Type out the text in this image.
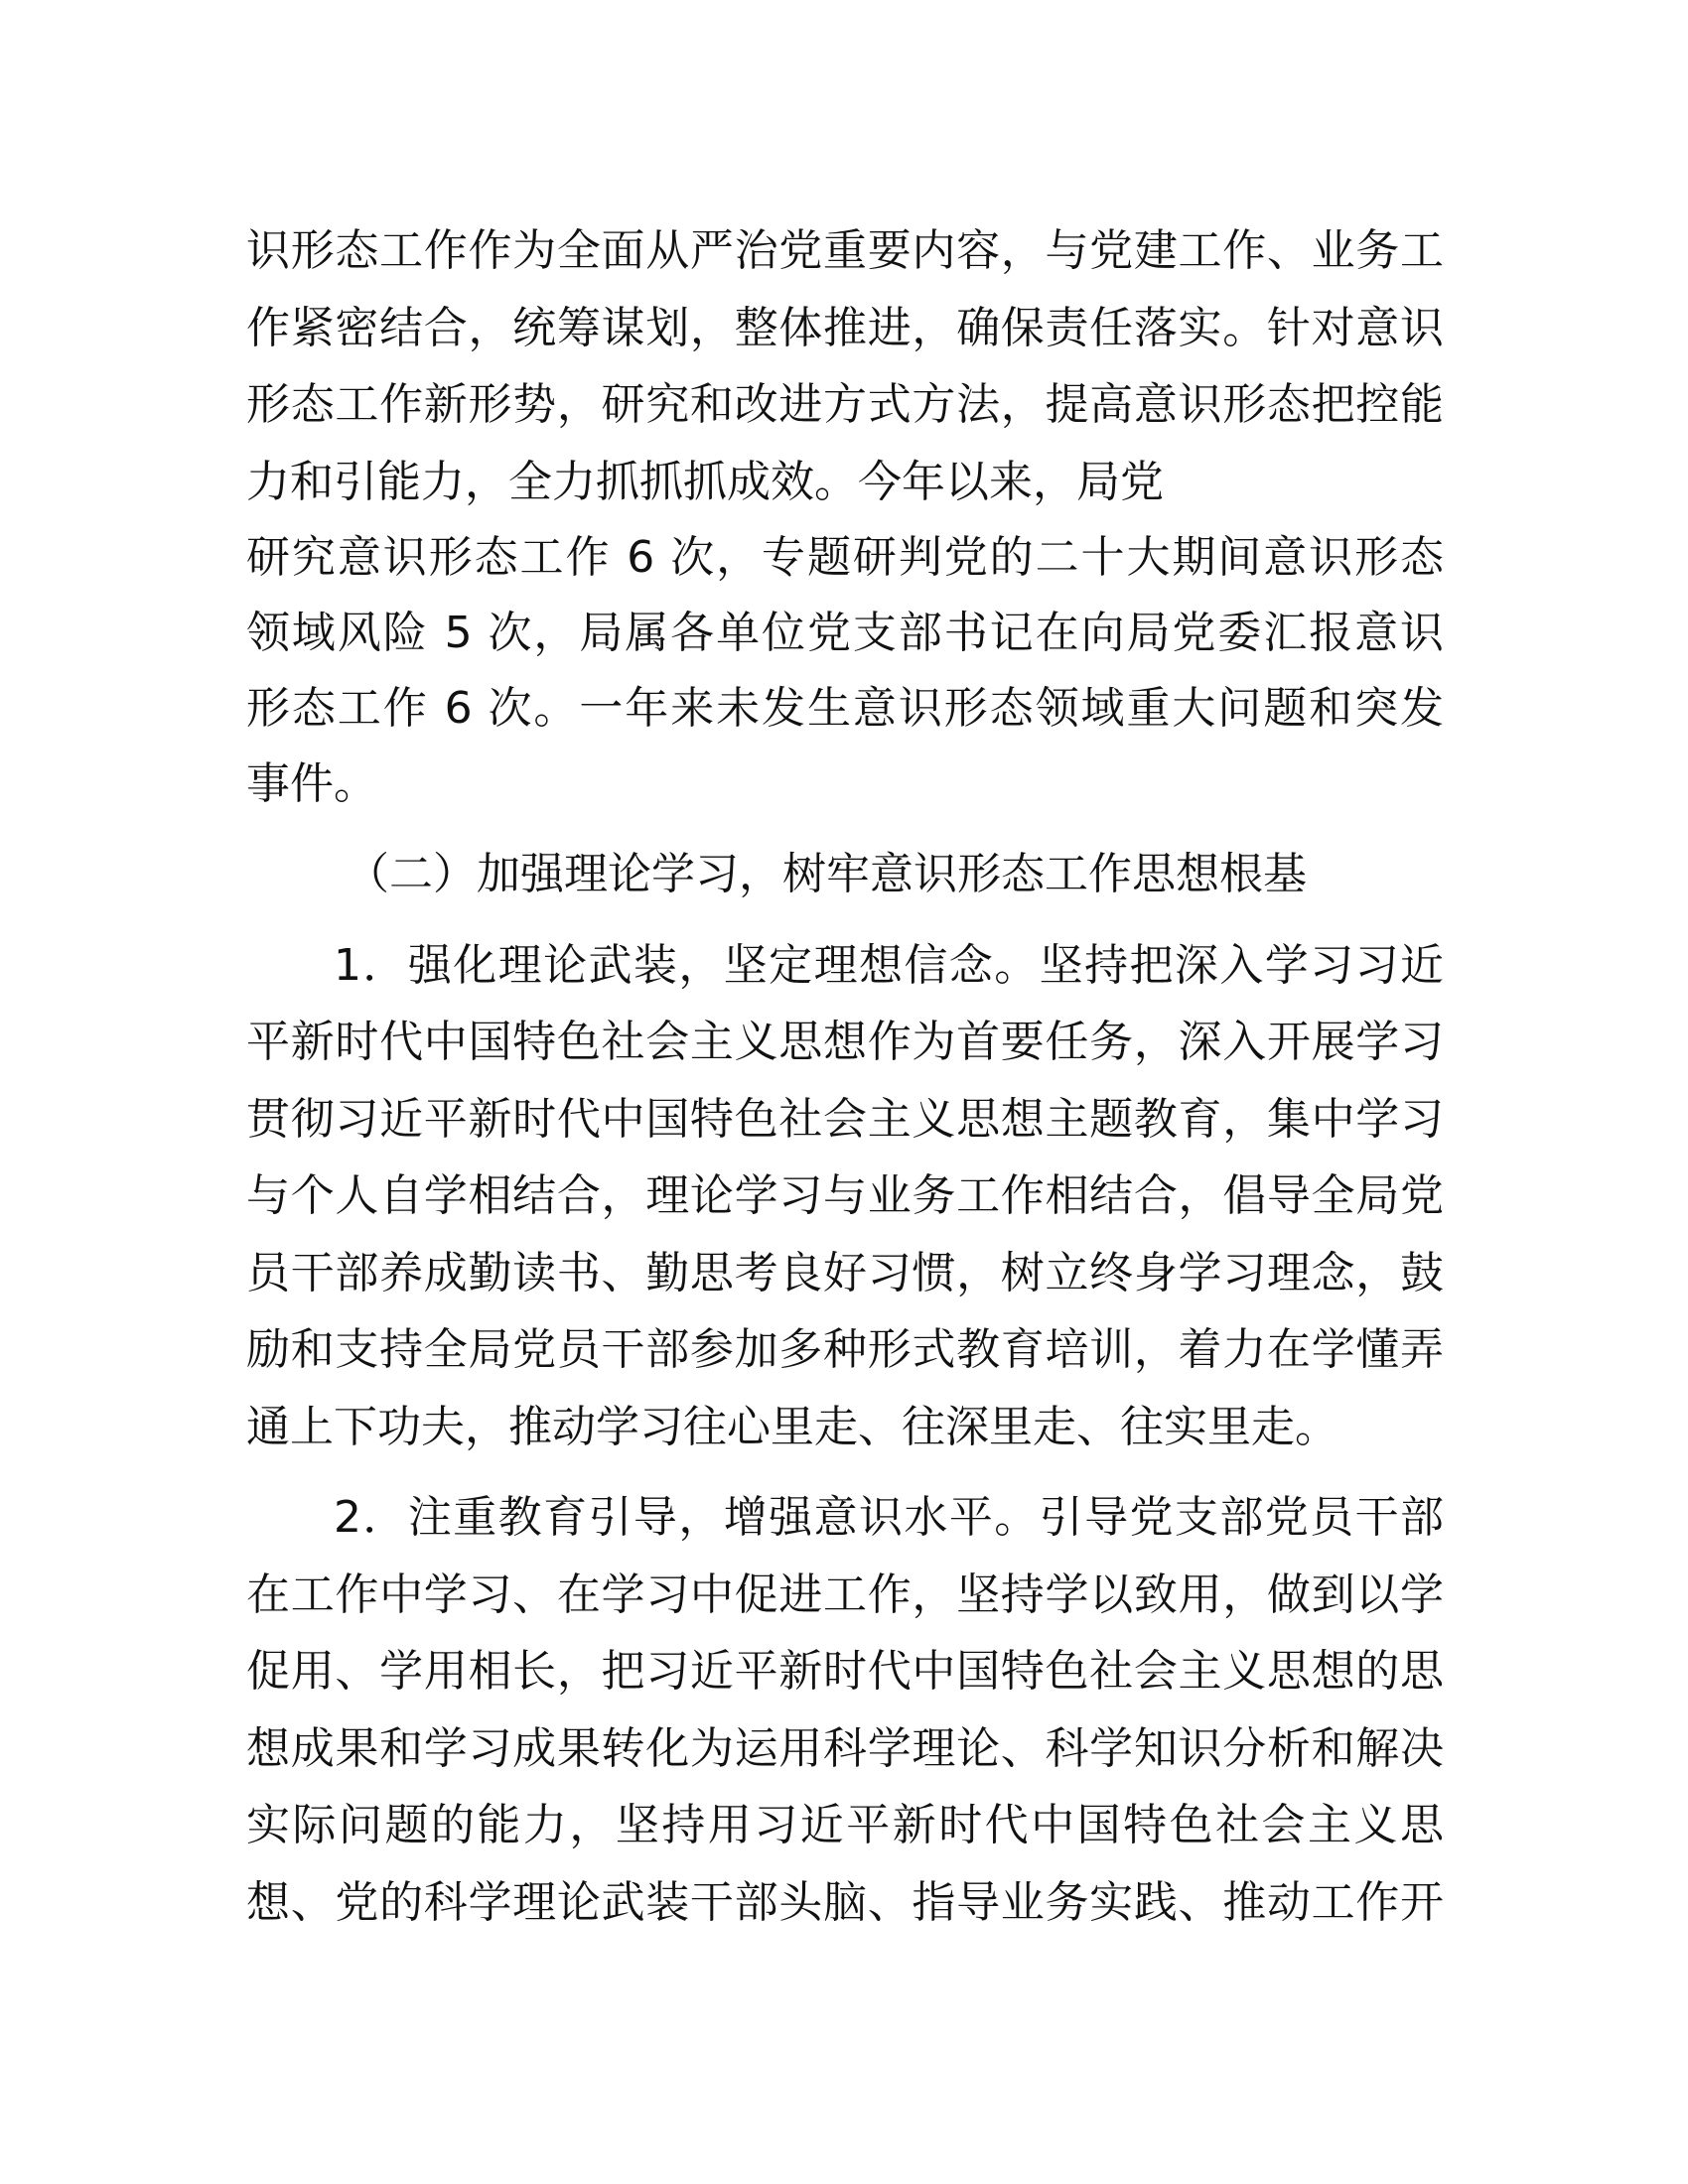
识形态工作作为全面从严治党重要内容，与党建工作、业务工
作紧密结合，统筹谋划，整体推进，确保责任落实。针对意识
形态工作新形势，研究和改进方式方法，提高意识形态把控能
力和引能力，全力抓抓抓成效。今年以来，局党

研究意识形态工作 6 次，专题研判党的二十大期间意识形态
领域风险 5 次，局属各单位党支部书记在向局党委汇报意识
形态工作 6 次。一年来未发生意识形态领域重大问题和突发
事件。

（二）加强理论学习，树牢意识形态工作思想根基

1．强化理论武装，坚定理想信念。坚持把深入学习习近
平新时代中国特色社会主义思想作为首要任务，深入开展学习
贯彻习近平新时代中国特色社会主义思想主题教育，集中学习
与个人自学相结合，理论学习与业务工作相结合，倡导全局党
员干部养成勤读书、勤思考良好习惯，树立终身学习理念，鼓
励和支持全局党员干部参加多种形式教育培训，着力在学懂弄
通上下功夫，推动学习往心里走、往深里走、往实里走。

2．注重教育引导，增强意识水平。引导党支部党员干部
在工作中学习、在学习中促进工作，坚持学以致用，做到以学
促用、学用相长，把习近平新时代中国特色社会主义思想的思
想成果和学习成果转化为运用科学理论、科学知识分析和解决
实际问题的能力，坚持用习近平新时代中国特色社会主义思
想、党的科学理论武装干部头脑、指导业务实践、推动工作开
